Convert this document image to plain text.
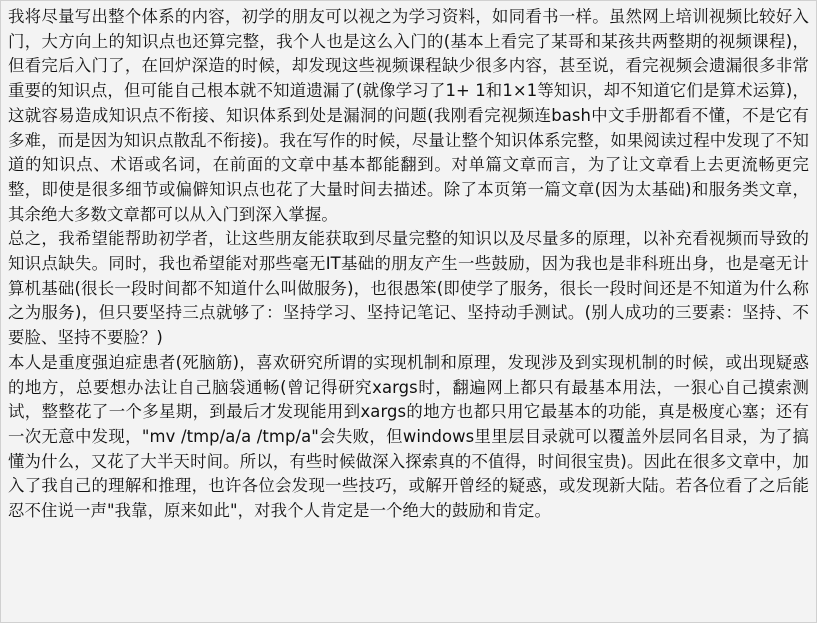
我将尽量写出整个体系的内容，初学的朋友可以视之为学习资料，如同看书一样。虽然网上培训视频比较好入门，大方向上的知识点也还算完整，我个人也是这么入门的(基本上看完了某哥和某孩共两整期的视频课程)，但看完后入门了，在回炉深造的时候，却发现这些视频课程缺少很多内容，甚至说，看完视频会遗漏很多非常重要的知识点，但可能自己根本就不知道遗漏了(就像学习了1+ 1和1×1等知识，却不知道它们是算术运算)，这就容易造成知识点不衔接、知识体系到处是漏洞的问题(我刚看完视频连bash中文手册都看不懂，不是它有多难，而是因为知识点散乱不衔接)。我在写作的时候，尽量让整个知识体系完整，如果阅读过程中发现了不知道的知识点、术语或名词，在前面的文章中基本都能翻到。对单篇文章而言，为了让文章看上去更流畅更完整，即使是很多细节或偏僻知识点也花了大量时间去描述。除了本页第一篇文章(因为太基础)和服务类文章，其余绝大多数文章都可以从入门到深入掌握。

总之，我希望能帮助初学者，让这些朋友能获取到尽量完整的知识以及尽量多的原理，以补充看视频而导致的知识点缺失。同时，我也希望能对那些毫无IT基础的朋友产生一些鼓励，因为我也是非科班出身，也是毫无计算机基础(很长一段时间都不知道什么叫做服务)，也很愚笨(即使学了服务，很长一段时间还是不知道为什么称之为服务)，但只要坚持三点就够了：坚持学习、坚持记笔记、坚持动手测试。(别人成功的三要素：坚持、不要脸、坚持不要脸？)

本人是重度强迫症患者(死脑筋)，喜欢研究所谓的实现机制和原理，发现涉及到实现机制的时候，或出现疑惑的地方，总要想办法让自己脑袋通畅(曾记得研究xargs时，翻遍网上都只有最基本用法，一狠心自己摸索测试，整整花了一个多星期，到最后才发现能用到xargs的地方也都只用它最基本的功能，真是极度心塞；还有一次无意中发现，"mv /tmp/a/a /tmp/a"会失败，但windows里里层目录就可以覆盖外层同名目录，为了搞懂为什么，又花了大半天时间。所以，有些时候做深入探索真的不值得，时间很宝贵)。因此在很多文章中，加入了我自己的理解和推理，也许各位会发现一些技巧，或解开曾经的疑惑，或发现新大陆。若各位看了之后能忍不住说一声"我靠，原来如此"，对我个人肯定是一个绝大的鼓励和肯定。
